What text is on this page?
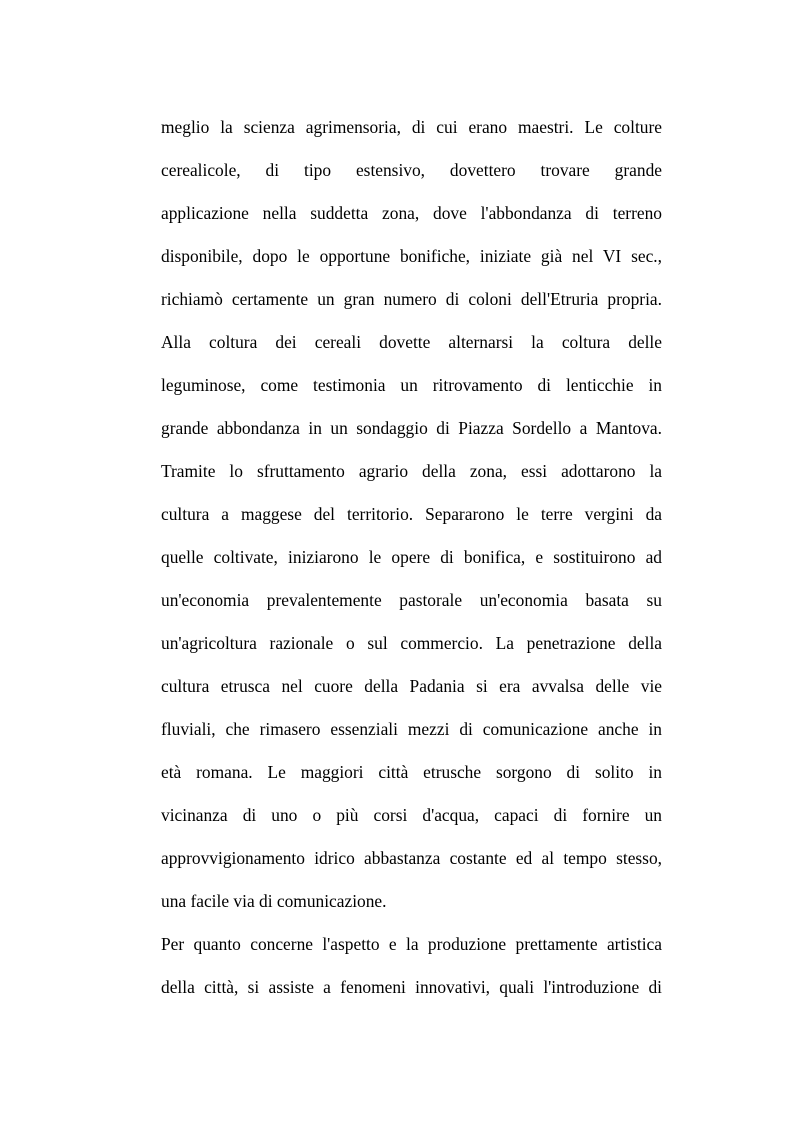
meglio la scienza agrimensoria, di cui erano maestri. Le colture
cerealicole, di tipo estensivo, dovettero trovare grande
applicazione nella suddetta zona, dove l'abbondanza di terreno
disponibile, dopo le opportune bonifiche, iniziate già nel VI sec.,
richiamò certamente un gran numero di coloni dell'Etruria propria.
Alla coltura dei cereali dovette alternarsi la coltura delle
leguminose, come testimonia un ritrovamento di lenticchie in
grande abbondanza in un sondaggio di Piazza Sordello a Mantova.
Tramite lo sfruttamento agrario della zona, essi adottarono la
cultura a maggese del territorio. Separarono le terre vergini da
quelle coltivate, iniziarono le opere di bonifica, e sostituirono ad
un'economia prevalentemente pastorale un'economia basata su
un'agricoltura razionale o sul commercio. La penetrazione della
cultura etrusca nel cuore della Padania si era avvalsa delle vie
fluviali, che rimasero essenziali mezzi di comunicazione anche in
età romana. Le maggiori città etrusche sorgono di solito in
vicinanza di uno o più corsi d'acqua, capaci di fornire un
approvvigionamento idrico abbastanza costante ed al tempo stesso,
una facile via di comunicazione.
Per quanto concerne l'aspetto e la produzione prettamente artistica
della città, si assiste a fenomeni innovativi, quali l'introduzione di
